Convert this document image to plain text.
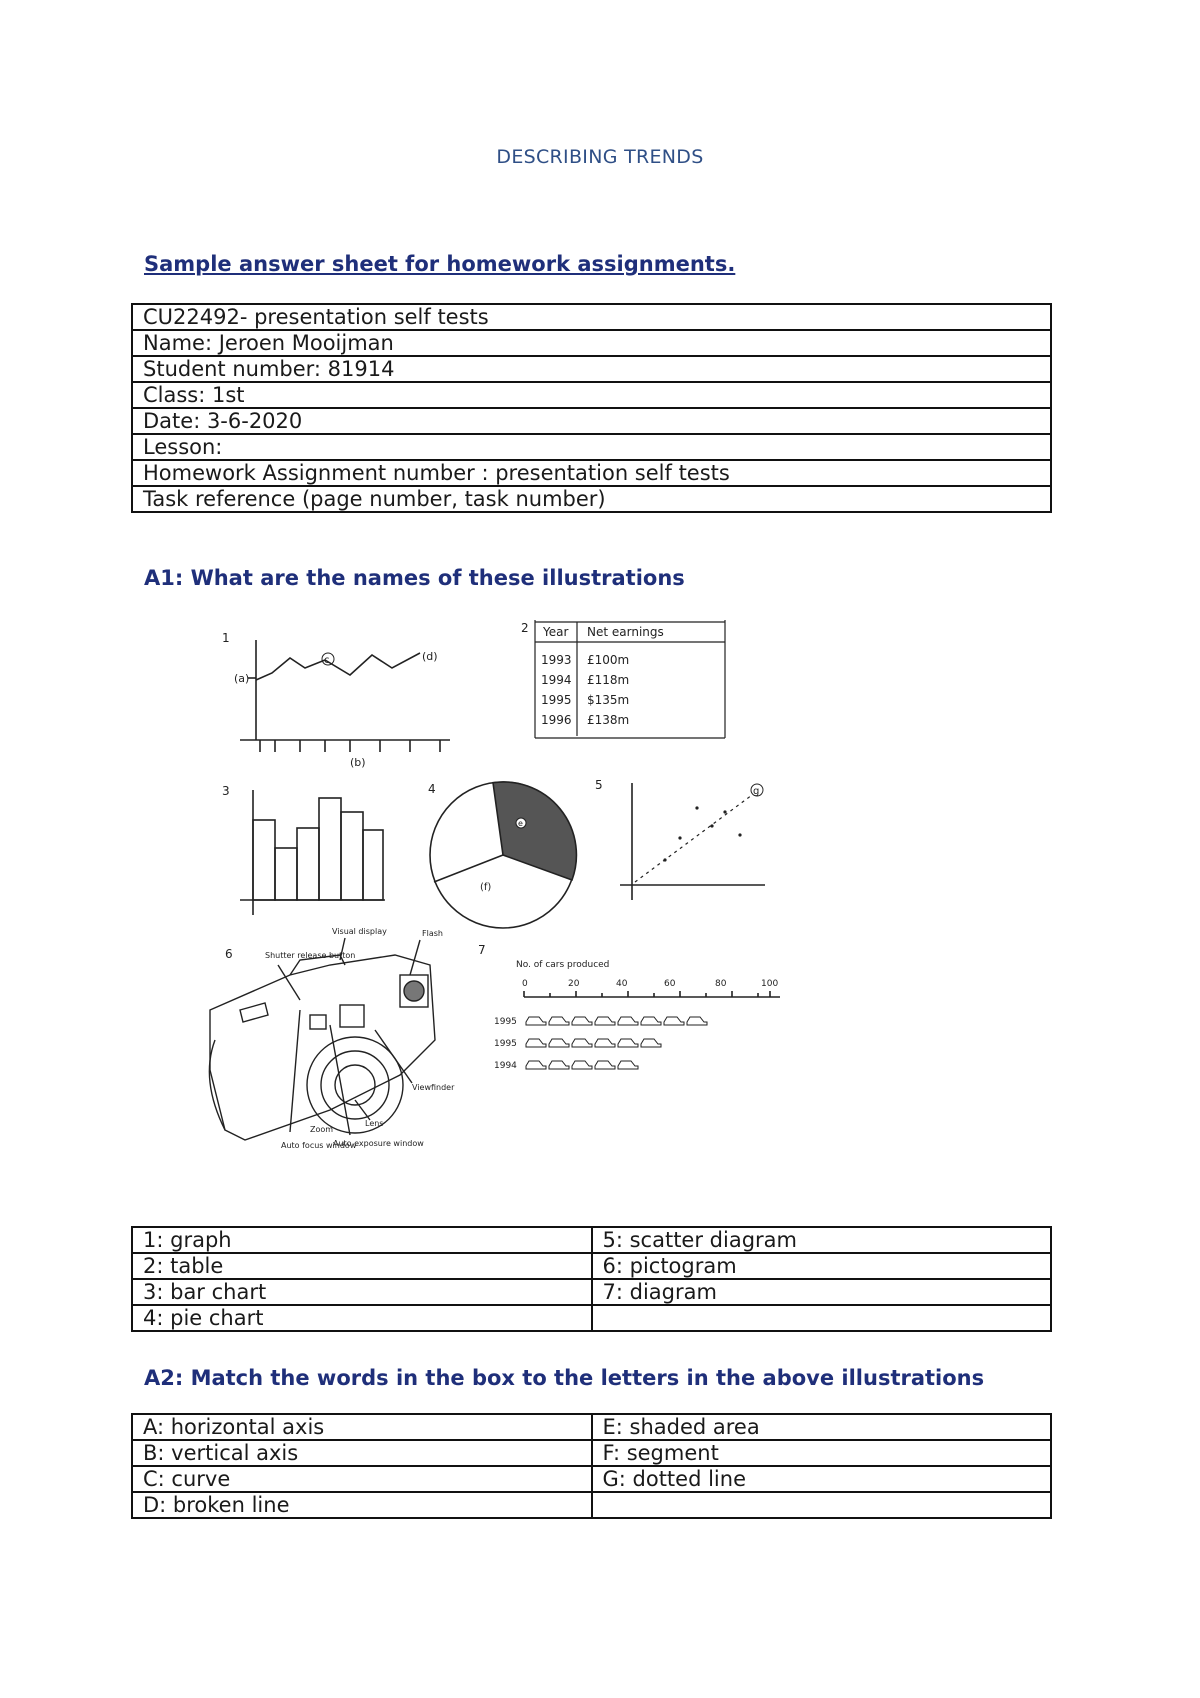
DESCRIBING TRENDS
Sample answer sheet for homework assignments.
CU22492- presentation self tests
Name: Jeroen Mooijman
Student number: 81914
Class: 1st
Date: 3-6-2020
Lesson:
Homework Assignment number : presentation self tests
Task reference (page number, task number)
A1: What are the names of these illustrations
1
(a)
c	(d)
(b)
2 Year Net earnings
1993 £100m
1994 £118m
1995 $135m
1996 £138m
3	4
e
(f)
5	g
6
Visual display
Shutter release button
Flash
Viewfinder
Lens
Zoom
Auto focus window
Auto exposure window
7
No. of cars produced
0	20	40	60	80	100
1995
1995
1994
1: graph	5: scatter diagram
2: table	6: pictogram
3: bar chart	7: diagram
4: pie chart	
A2: Match the words in the box to the letters in the above illustrations
A: horizontal axis	E: shaded area
B: vertical axis	F: segment
C: curve	G: dotted line
D: broken line	
